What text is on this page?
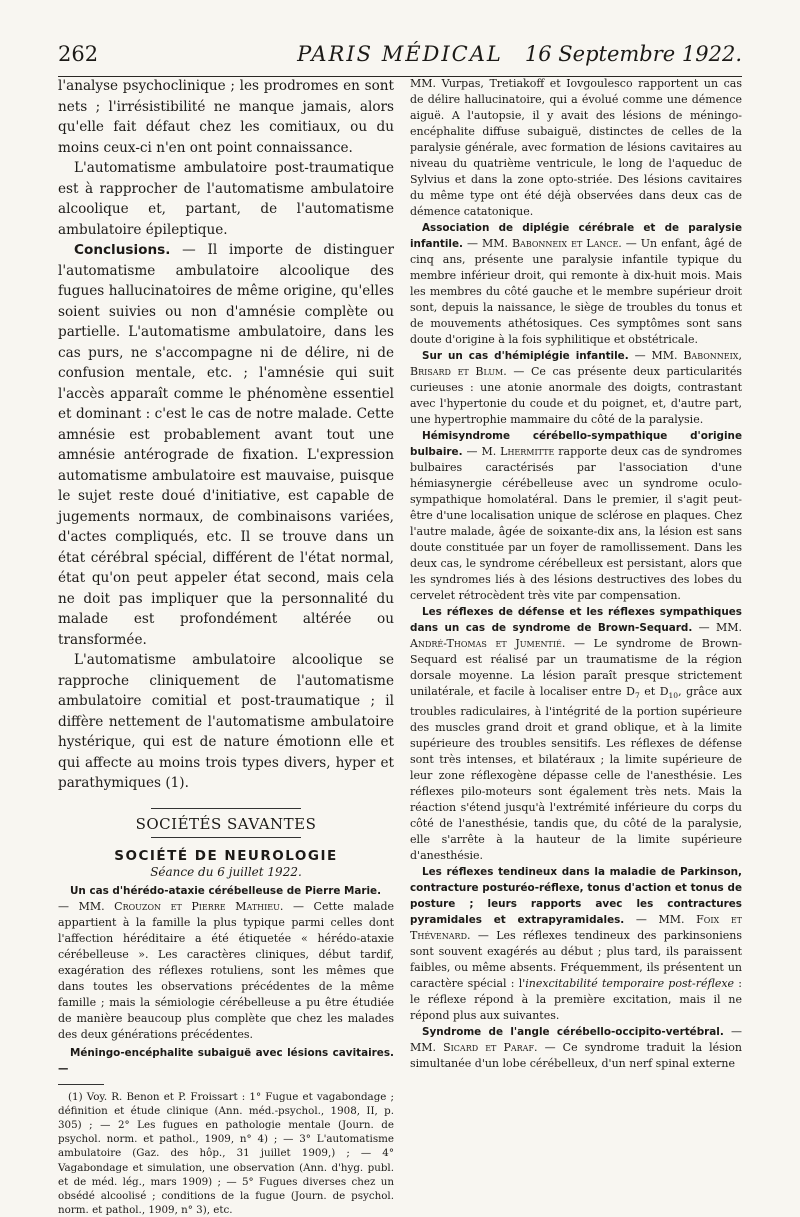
262	PARIS MÉDICAL	16 Septembre 1922.

l'analyse psychoclinique ; les prodromes en sont nets ; l'irrésistibilité ne manque jamais, alors qu'elle fait défaut chez les comitiaux, ou du moins ceux-ci n'en ont point connaissance.

L'automatisme ambulatoire post-traumatique est à rapprocher de l'automatisme ambulatoire alcoolique et, partant, de l'automatisme ambulatoire épileptique.

Conclusions. — Il importe de distinguer l'automatisme ambulatoire alcoolique des fugues hallucinatoires de même origine, qu'elles soient suivies ou non d'amnésie complète ou partielle. L'automatisme ambulatoire, dans les cas purs, ne s'accompagne ni de délire, ni de confusion mentale, etc. ; l'amnésie qui suit l'accès apparaît comme le phénomène essentiel et dominant : c'est le cas de notre malade. Cette amnésie est probablement avant tout une amnésie antérograde de fixation. L'expression automatisme ambulatoire est mauvaise, puisque le sujet reste doué d'initiative, est capable de jugements normaux, de combinaisons variées, d'actes compliqués, etc. Il se trouve dans un état cérébral spécial, différent de l'état normal, état qu'on peut appeler état second, mais cela ne doit pas impliquer que la personnalité du malade est profondément altérée ou transformée.

L'automatisme ambulatoire alcoolique se rapproche cliniquement de l'automatisme ambulatoire comitial et post-traumatique ; il diffère nettement de l'automatisme ambulatoire hystérique, qui est de nature émotionn elle et qui affecte au moins trois types divers, hyper et parathymiques (1).

SOCIÉTÉS SAVANTES
SOCIÉTÉ DE NEUROLOGIE
Séance du 6 juillet 1922.

Un cas d'hérédo-ataxie cérébelleuse de Pierre Marie.

— MM. Crouzon et Pierre Mathieu. — Cette malade appartient à la famille la plus typique parmi celles dont l'affection héréditaire a été étiquetée « hérédo-ataxie cérébelleuse ». Les caractères cliniques, début tardif, exagération des réflexes rotuliens, sont les mêmes que dans toutes les observations précédentes de la même famille ; mais la sémiologie cérébelleuse a pu être étudiée de manière beaucoup plus complète que chez les malades des deux générations précédentes.

Méningo-encéphalite subaiguë avec lésions cavitaires. —

(1) Voy. R. Benon et P. Froissart : 1° Fugue et vagabondage ; définition et étude clinique (Ann. méd.-psychol., 1908, II, p. 305) ; — 2° Les fugues en pathologie mentale (Journ. de psychol. norm. et pathol., 1909, n° 4) ; — 3° L'automatisme ambulatoire (Gaz. des hôp., 31 juillet 1909,) ; — 4° Vagabondage et simulation, une observation (Ann. d'hyg. publ. et de méd. lég., mars 1909) ; — 5° Fugues diverses chez un obsédé alcoolisé ; conditions de la fugue (Journ. de psychol. norm. et pathol., 1909, n° 3), etc.

MM. Vurpas, Tretiakoff et Iovgoulesco rapportent un cas de délire hallucinatoire, qui a évolué comme une démence aiguë. A l'autopsie, il y avait des lésions de méningo-encéphalite diffuse subaiguë, distinctes de celles de la paralysie générale, avec formation de lésions cavitaires au niveau du quatrième ventricule, le long de l'aqueduc de Sylvius et dans la zone opto-striée. Des lésions cavitaires du même type ont été déjà observées dans deux cas de démence catatonique.

Association de diplégie cérébrale et de paralysie infantile. — MM. Babonneix et Lance. — Un enfant, âgé de cinq ans, présente une paralysie infantile typique du membre inférieur droit, qui remonte à dix-huit mois. Mais les membres du côté gauche et le membre supérieur droit sont, depuis la naissance, le siège de troubles du tonus et de mouvements athétosiques. Ces symptômes sont sans doute d'origine à la fois syphilitique et obstétricale.

Sur un cas d'hémiplégie infantile. — MM. Babonneix, Brisard et Blum. — Ce cas présente deux particularités curieuses : une atonie anormale des doigts, contrastant avec l'hypertonie du coude et du poignet, et, d'autre part, une hypertrophie mammaire du côté de la paralysie.

Hémisyndrome cérébello-sympathique d'origine bulbaire. — M. Lhermitte rapporte deux cas de syndromes bulbaires caractérisés par l'association d'une hémiasynergie cérébelleuse avec un syndrome oculo-sympathique homolatéral. Dans le premier, il s'agit peut-être d'une localisation unique de sclérose en plaques. Chez l'autre malade, âgée de soixante-dix ans, la lésion est sans doute constituée par un foyer de ramollissement. Dans les deux cas, le syndrome cérébelleux est persistant, alors que les syndromes liés à des lésions destructives des lobes du cervelet rétrocèdent très vite par compensation.

Les réflexes de défense et les réflexes sympathiques dans un cas de syndrome de Brown-Sequard. — MM. André-Thomas et Jumentié. — Le syndrome de Brown-Sequard est réalisé par un traumatisme de la région dorsale moyenne. La lésion paraît presque strictement unilatérale, et facile à localiser entre $D_7$ et $D_{10}$, grâce aux troubles radiculaires, à l'intégrité de la portion supérieure des muscles grand droit et grand oblique, et à la limite supérieure des troubles sensitifs. Les réflexes de défense sont très intenses, et bilatéraux ; la limite supérieure de leur zone réflexogène dépasse celle de l'anesthésie. Les réflexes pilo-moteurs sont également très nets. Mais la réaction s'étend jusqu'à l'extrémité inférieure du corps du côté de l'anesthésie, tandis que, du côté de la paralysie, elle s'arrête à la hauteur de la limite supérieure d'anesthésie.

Les réflexes tendineux dans la maladie de Parkinson, contracture posturéo-réflexe, tonus d'action et tonus de posture ; leurs rapports avec les contractures pyramidales et extrapyramidales. — MM. Foix et Thévenard. — Les réflexes tendineux des parkinsoniens sont souvent exagérés au début ; plus tard, ils paraissent faibles, ou même absents. Fréquemment, ils présentent un caractère spécial : l'inexcitabilité temporaire post-réflexe : le réflexe répond à la première excitation, mais il ne répond plus aux suivantes.

Syndrome de l'angle cérébello-occipito-vertébral. — MM. Sicard et Paraf. — Ce syndrome traduit la lésion simultanée d'un lobe cérébelleux, d'un nerf spinal externe
